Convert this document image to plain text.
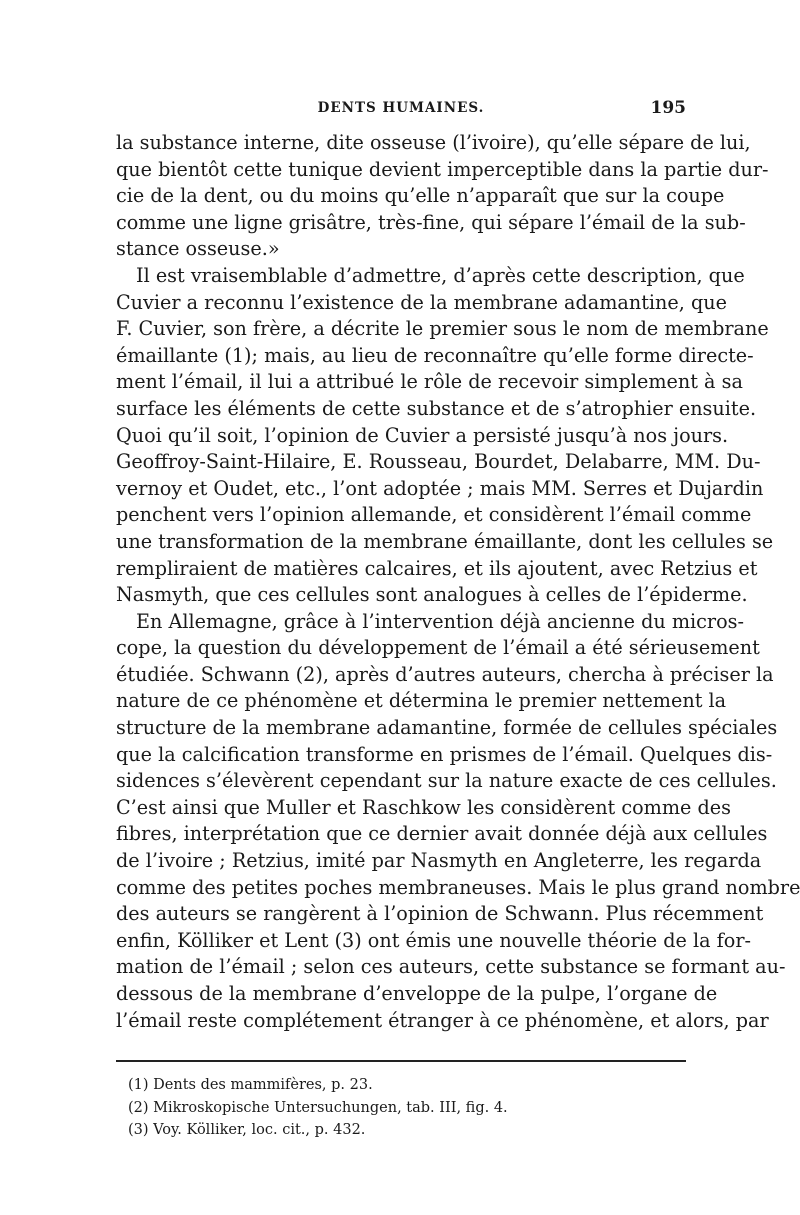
DENTS HUMAINES.	195
la substance interne, dite osseuse (l’ivoire), qu’elle sépare de lui,
que bientôt cette tunique devient imperceptible dans la partie dur-
cie de la dent, ou du moins qu’elle n’apparaît que sur la coupe
comme une ligne grisâtre, très-fine, qui sépare l’émail de la sub-
stance osseuse.»
Il est vraisemblable d’admettre, d’après cette description, que
Cuvier a reconnu l’existence de la membrane adamantine, que
F. Cuvier, son frère, a décrite le premier sous le nom de membrane
émaillante (1); mais, au lieu de reconnaître qu’elle forme directe-
ment l’émail, il lui a attribué le rôle de recevoir simplement à sa
surface les éléments de cette substance et de s’atrophier ensuite.
Quoi qu’il soit, l’opinion de Cuvier a persisté jusqu’à nos jours.
Geoffroy-Saint-Hilaire, E. Rousseau, Bourdet, Delabarre, MM. Du-
vernoy et Oudet, etc., l’ont adoptée ; mais MM. Serres et Dujardin
penchent vers l’opinion allemande, et considèrent l’émail comme
une transformation de la membrane émaillante, dont les cellules se
rempliraient de matières calcaires, et ils ajoutent, avec Retzius et
Nasmyth, que ces cellules sont analogues à celles de l’épiderme.
En Allemagne, grâce à l’intervention déjà ancienne du micros-
cope, la question du développement de l’émail a été sérieusement
étudiée. Schwann (2), après d’autres auteurs, chercha à préciser la
nature de ce phénomène et détermina le premier nettement la
structure de la membrane adamantine, formée de cellules spéciales
que la calcification transforme en prismes de l’émail. Quelques dis-
sidences s’élevèrent cependant sur la nature exacte de ces cellules.
C’est ainsi que Muller et Raschkow les considèrent comme des
fibres, interprétation que ce dernier avait donnée déjà aux cellules
de l’ivoire ; Retzius, imité par Nasmyth en Angleterre, les regarda
comme des petites poches membraneuses. Mais le plus grand nombre
des auteurs se rangèrent à l’opinion de Schwann. Plus récemment
enfin, Kölliker et Lent (3) ont émis une nouvelle théorie de la for-
mation de l’émail ; selon ces auteurs, cette substance se formant au-
dessous de la membrane d’enveloppe de la pulpe, l’organe de
l’émail reste complétement étranger à ce phénomène, et alors, par
(1) Dents des mammifères, p. 23.
(2) Mikroskopische Untersuchungen, tab. III, fig. 4.
(3) Voy. Kölliker, loc. cit., p. 432.
